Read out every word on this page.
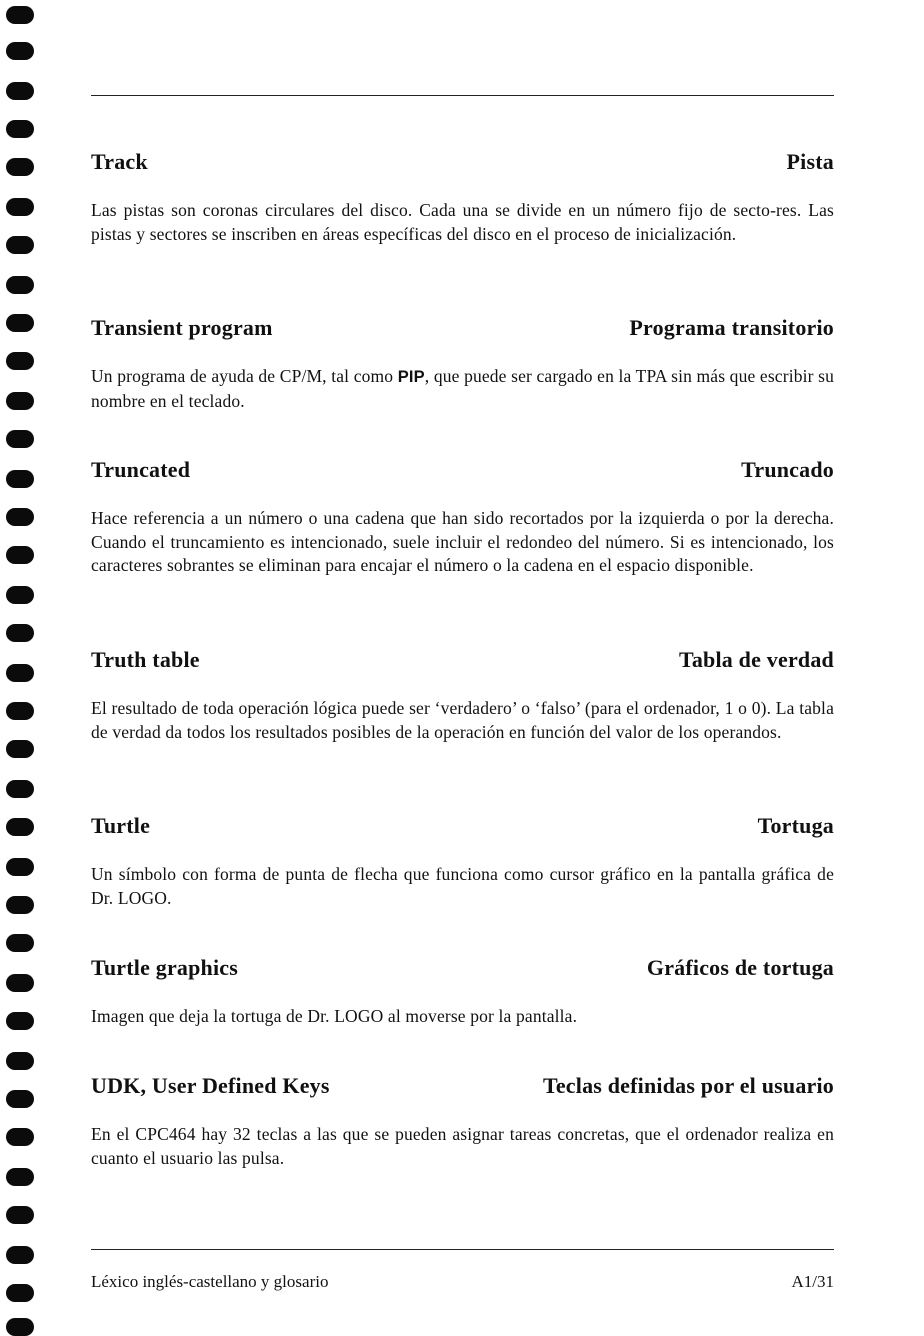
Track	Pista

Las pistas son coronas circulares del disco. Cada una se divide en un número fijo de secto-res. Las pistas y sectores se inscriben en áreas específicas del disco en el proceso de inicialización.

Transient program	Programa transitorio

Un programa de ayuda de CP/M, tal como PIP, que puede ser cargado en la TPA sin más que escribir su nombre en el teclado.

Truncated	Truncado

Hace referencia a un número o una cadena que han sido recortados por la izquierda o por la derecha. Cuando el truncamiento es intencionado, suele incluir el redondeo del número. Si es intencionado, los caracteres sobrantes se eliminan para encajar el número o la cadena en el espacio disponible.

Truth table	Tabla de verdad

El resultado de toda operación lógica puede ser ‘verdadero’ o ‘falso’ (para el ordenador, 1 o 0). La tabla de verdad da todos los resultados posibles de la operación en función del valor de los operandos.

Turtle	Tortuga

Un símbolo con forma de punta de flecha que funciona como cursor gráfico en la pantalla gráfica de Dr. LOGO.

Turtle graphics	Gráficos de tortuga

Imagen que deja la tortuga de Dr. LOGO al moverse por la pantalla.

UDK, User Defined Keys	Teclas definidas por el usuario

En el CPC464 hay 32 teclas a las que se pueden asignar tareas concretas, que el ordenador realiza en cuanto el usuario las pulsa.

Léxico inglés-castellano y glosario	A1/31
